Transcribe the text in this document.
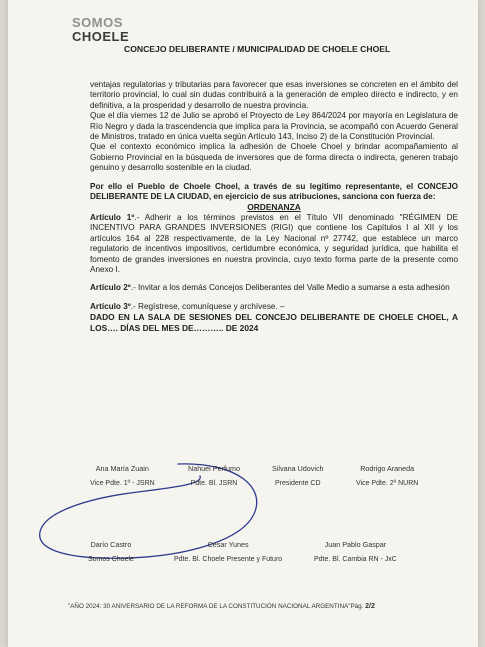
SOMOS
CHOELE
CONCEJO DELIBERANTE / MUNICIPALIDAD DE CHOELE CHOEL

ventajas regulatorias y tributarias para favorecer que esas inversiones se concreten en el ámbito del territorio provincial, lo cual sin dudas contribuirá a la generación de empleo directo e indirecto, y en definitiva, a la prosperidad y desarrollo de nuestra provincia.

Que el día viernes 12 de Julio se aprobó el Proyecto de Ley 864/2024 por mayoría en Legislatura de Río Negro y dada la trascendencia que implica para la Provincia, se acompañó con Acuerdo General de Ministros, tratado en única vuelta según Artículo 143, Inciso 2) de la Constitución Provincial.

Que el contexto económico implica la adhesión de Choele Choel y brindar acompañamiento al Gobierno Provincial en la búsqueda de inversores que de forma directa o indirecta, generen trabajo genuino y desarrollo sostenible en la ciudad.

Por ello el Pueblo de Choele Choel, a través de su legítimo representante, el CONCEJO DELIBERANTE DE LA CIUDAD, en ejercicio de sus atribuciones, sanciona con fuerza de:

ORDENANZA

Artículo 1º.- Adherir a los términos previstos en el Título VII denominado "RÉGIMEN DE INCENTIVO PARA GRANDES INVERSIONES (RIGI) que contiene los Capítulos I al XII y los artículos 164 al 228 respectivamente, de la Ley Nacional nº 27742, que establece un marco regulatorio de incentivos impositivos, certidumbre económica, y seguridad jurídica, que habilita el fomento de grandes inversiones en nuestra provincia, cuyo texto forma parte de la presente como Anexo I.

Artículo 2º.- Invitar a los demás Concejos Deliberantes del Valle Medio a sumarse a esta adhesión

Artículo 3º.- Regístrese, comuníquese y archívese. –

DADO EN LA SALA DE SESIONES DEL CONCEJO DELIBERANTE DE CHOELE CHOEL, A LOS…. DÍAS DEL MES DE……….. DE 2024

Ana María Zuain
Vice Pdte. 1º - JSRN
Nahuel Perfumo
Pdte. Bl. JSRN
Silvana Udovich
Presidente CD
Rodrigo Araneda
Vice Pdte. 2º NURN
Darío Castro
Somos Choele
Cesar Yunes
Pdte. Bl. Choele Presente y Futuro
Juan Pablo Gaspar
Pdte. Bl. Cambia RN - JxC
"AÑO 2024: 30 ANIVERSARIO DE LA REFORMA DE LA CONSTITUCIÓN NACIONAL ARGENTINA"Pág. 2/2
